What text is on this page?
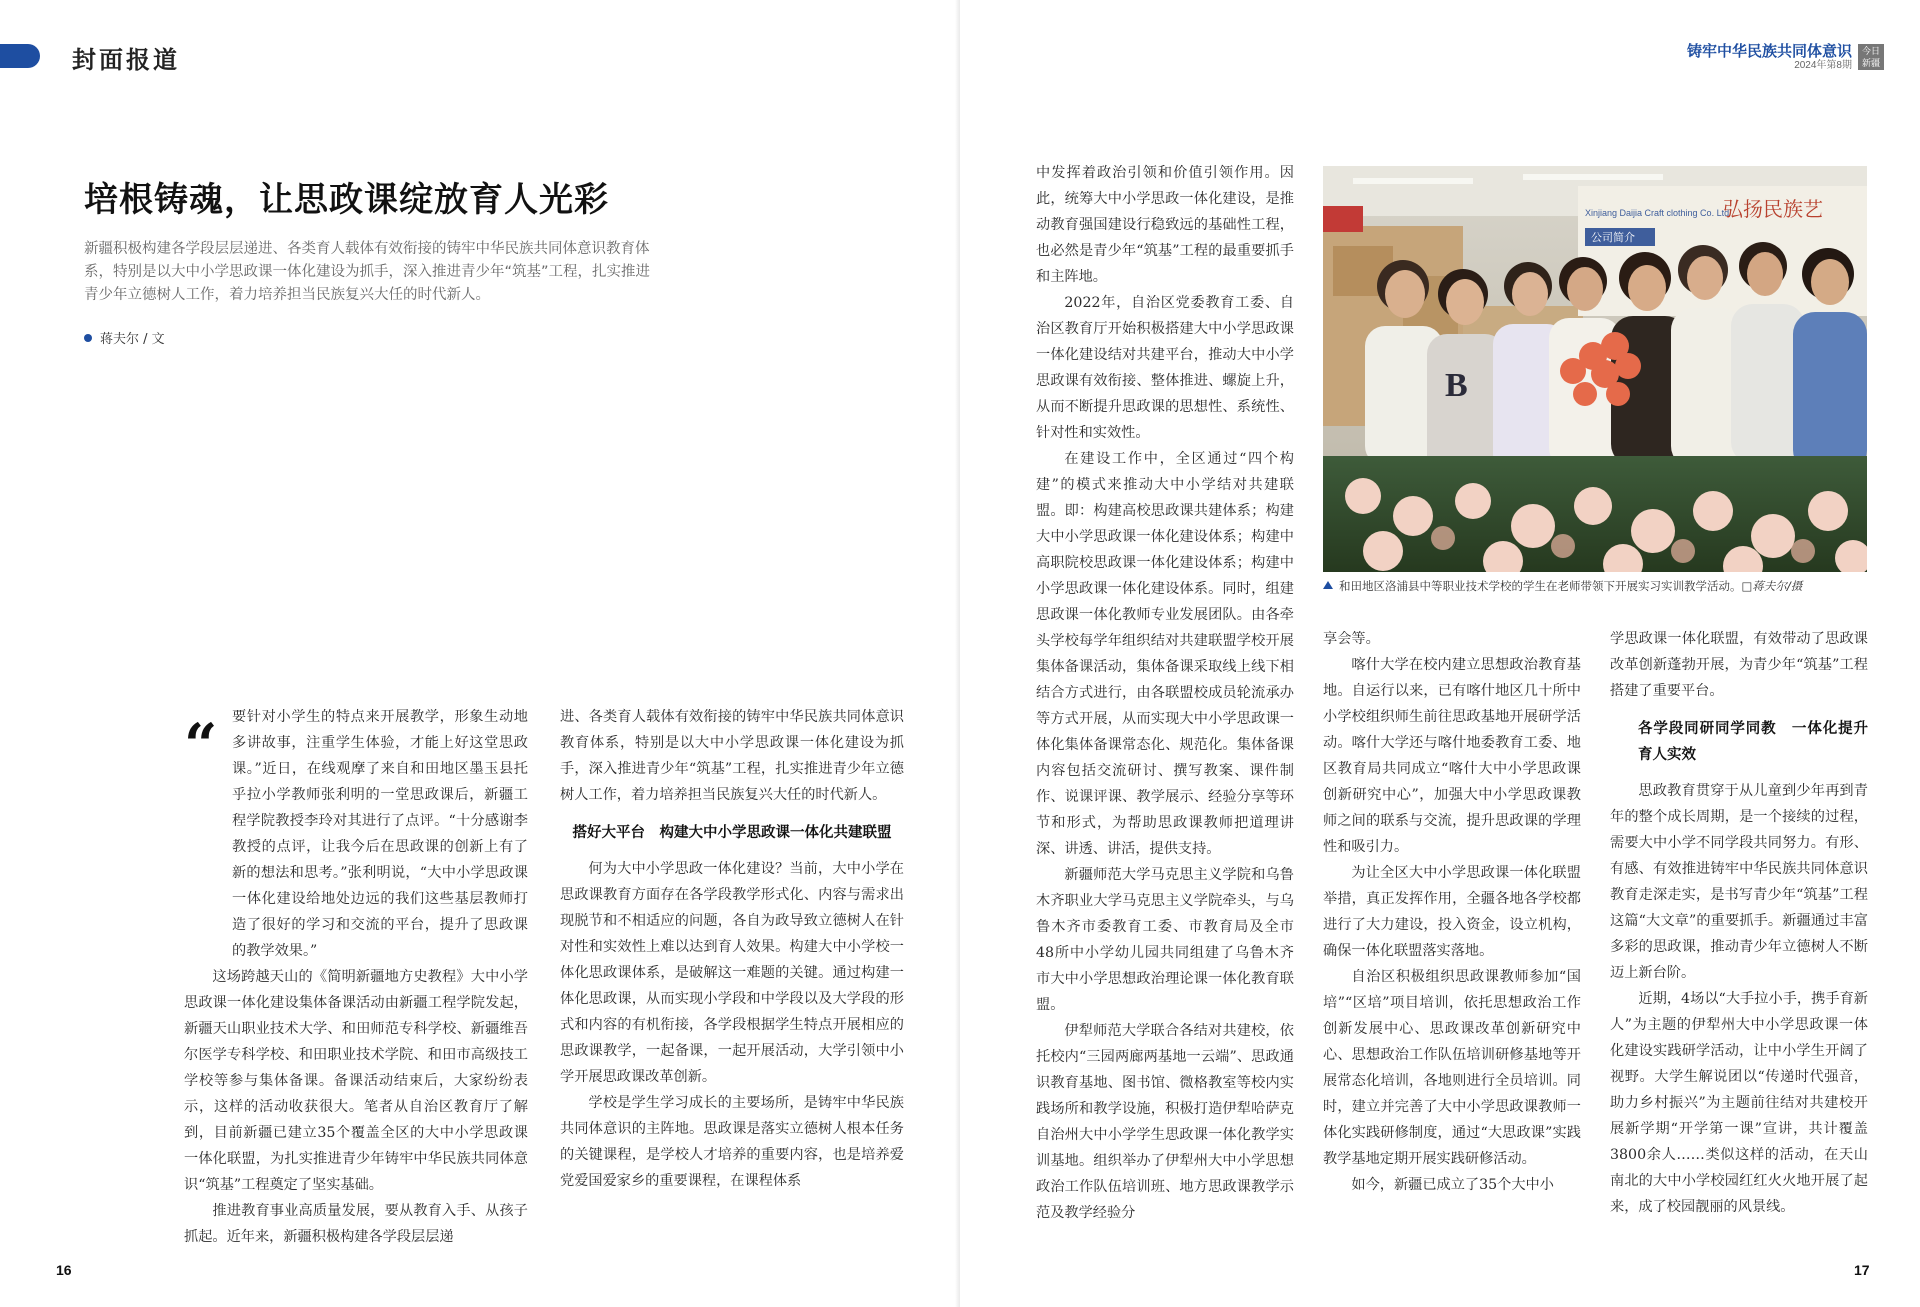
封面报道
培根铸魂，让思政课绽放育人光彩

新疆积极构建各学段层层递进、各类育人载体有效衔接的铸牢中华民族共同体意识教育体系，特别是以大中小学思政课一体化建设为抓手，深入推进青少年“筑基”工程，扎实推进青少年立德树人工作，着力培养担当民族复兴大任的时代新人。

蒋夫尔 / 文
“	要针对小学生的特点来开展教学，形象生动地多讲故事，注重学生体验，才能上好这堂思政课。”近日，在线观摩了来自和田地区墨玉县托乎拉小学教师张利明的一堂思政课后，新疆工程学院教授李玲对其进行了点评。“十分感谢李教授的点评，让我今后在思政课的创新上有了新的想法和思考。”张利明说，“大中小学思政课一体化建设给地处边远的我们这些基层教师打造了很好的学习和交流的平台，提升了思政课的教学效果。”

这场跨越天山的《简明新疆地方史教程》大中小学思政课一体化建设集体备课活动由新疆工程学院发起，新疆天山职业技术大学、和田师范专科学校、新疆维吾尔医学专科学校、和田职业技术学院、和田市高级技工学校等参与集体备课。备课活动结束后，大家纷纷表示，这样的活动收获很大。笔者从自治区教育厅了解到，目前新疆已建立35个覆盖全区的大中小学思政课一体化联盟，为扎实推进青少年铸牢中华民族共同体意识“筑基”工程奠定了坚实基础。

推进教育事业高质量发展，要从教育入手、从孩子抓起。近年来，新疆积极构建各学段层层递

进、各类育人载体有效衔接的铸牢中华民族共同体意识教育体系，特别是以大中小学思政课一体化建设为抓手，深入推进青少年“筑基”工程，扎实推进青少年立德树人工作，着力培养担当民族复兴大任的时代新人。

搭好大平台　构建大中小学思政课一体化共建联盟

何为大中小学思政一体化建设？当前，大中小学在思政课教育方面存在各学段教学形式化、内容与需求出现脱节和不相适应的问题，各自为政导致立德树人在针对性和实效性上难以达到育人效果。构建大中小学校一体化思政课体系，是破解这一难题的关键。通过构建一体化思政课，从而实现小学段和中学段以及大学段的形式和内容的有机衔接，各学段根据学生特点开展相应的思政课教学，一起备课，一起开展活动，大学引领中小学开展思政课改革创新。

学校是学生学习成长的主要场所，是铸牢中华民族共同体意识的主阵地。思政课是落实立德树人根本任务的关键课程，是学校人才培养的重要内容，也是培养爱党爱国爱家乡的重要课程，在课程体系

16
铸牢中华民族共同体意识
2024年第8期
今日新疆

中发挥着政治引领和价值引领作用。因此，统筹大中小学思政一体化建设，是推动教育强国建设行稳致远的基础性工程，也必然是青少年“筑基”工程的最重要抓手和主阵地。

2022年，自治区党委教育工委、自治区教育厅开始积极搭建大中小学思政课一体化建设结对共建平台，推动大中小学思政课有效衔接、整体推进、螺旋上升，从而不断提升思政课的思想性、系统性、针对性和实效性。

在建设工作中，全区通过“四个构建”的模式来推动大中小学结对共建联盟。即：构建高校思政课共建体系；构建大中小学思政课一体化建设体系；构建中高职院校思政课一体化建设体系；构建中小学思政课一体化建设体系。同时，组建思政课一体化教师专业发展团队。由各牵头学校每学年组织结对共建联盟学校开展集体备课活动，集体备课采取线上线下相结合方式进行，由各联盟校成员轮流承办等方式开展，从而实现大中小学思政课一体化集体备课常态化、规范化。集体备课内容包括交流研讨、撰写教案、课件制作、说课评课、教学展示、经验分享等环节和形式，为帮助思政课教师把道理讲深、讲透、讲活，提供支持。

新疆师范大学马克思主义学院和乌鲁木齐职业大学马克思主义学院牵头，与乌鲁木齐市委教育工委、市教育局及全市48所中小学幼儿园共同组建了乌鲁木齐市大中小学思想政治理论课一体化教育联盟。

伊犁师范大学联合各结对共建校，依托校内“三园两廊两基地一云端”、思政通识教育基地、图书馆、微格教室等校内实践场所和教学设施，积极打造伊犁哈萨克自治州大中小学学生思政课一体化教学实训基地。组织举办了伊犁州大中小学思想政治工作队伍培训班、地方思政课教学示范及教学经验分

弘扬民族艺
Xinjiang Daijia Craft clothing Co. Ltd
公司简介
B
和田地区洛浦县中等职业技术学校的学生在老师带领下开展实习实训教学活动。□蒋夫尔/摄

享会等。

喀什大学在校内建立思想政治教育基地。自运行以来，已有喀什地区几十所中小学校组织师生前往思政基地开展研学活动。喀什大学还与喀什地委教育工委、地区教育局共同成立“喀什大中小学思政课创新研究中心”，加强大中小学思政课教师之间的联系与交流，提升思政课的学理性和吸引力。

为让全区大中小学思政课一体化联盟举措，真正发挥作用，全疆各地各学校都进行了大力建设，投入资金，设立机构，确保一体化联盟落实落地。

自治区积极组织思政课教师参加“国培”“区培”项目培训，依托思想政治工作创新发展中心、思政课改革创新研究中心、思想政治工作队伍培训研修基地等开展常态化培训，各地则进行全员培训。同时，建立并完善了大中小学思政课教师一体化实践研修制度，通过“大思政课”实践教学基地定期开展实践研修活动。

如今，新疆已成立了35个大中小

学思政课一体化联盟，有效带动了思政课改革创新蓬勃开展，为青少年“筑基”工程搭建了重要平台。

各学段同研同学同教　一体化提升育人实效

思政教育贯穿于从儿童到少年再到青年的整个成长周期，是一个接续的过程，需要大中小学不同学段共同努力。有形、有感、有效推进铸牢中华民族共同体意识教育走深走实，是书写青少年“筑基”工程这篇“大文章”的重要抓手。新疆通过丰富多彩的思政课，推动青少年立德树人不断迈上新台阶。

近期，4场以“大手拉小手，携手育新人”为主题的伊犁州大中小学思政课一体化建设实践研学活动，让中小学生开阔了视野。大学生解说团以“传递时代强音，助力乡村振兴”为主题前往结对共建校开展新学期“开学第一课”宣讲，共计覆盖3800余人……类似这样的活动，在天山南北的大中小学校园红红火火地开展了起来，成了校园靓丽的风景线。

17
